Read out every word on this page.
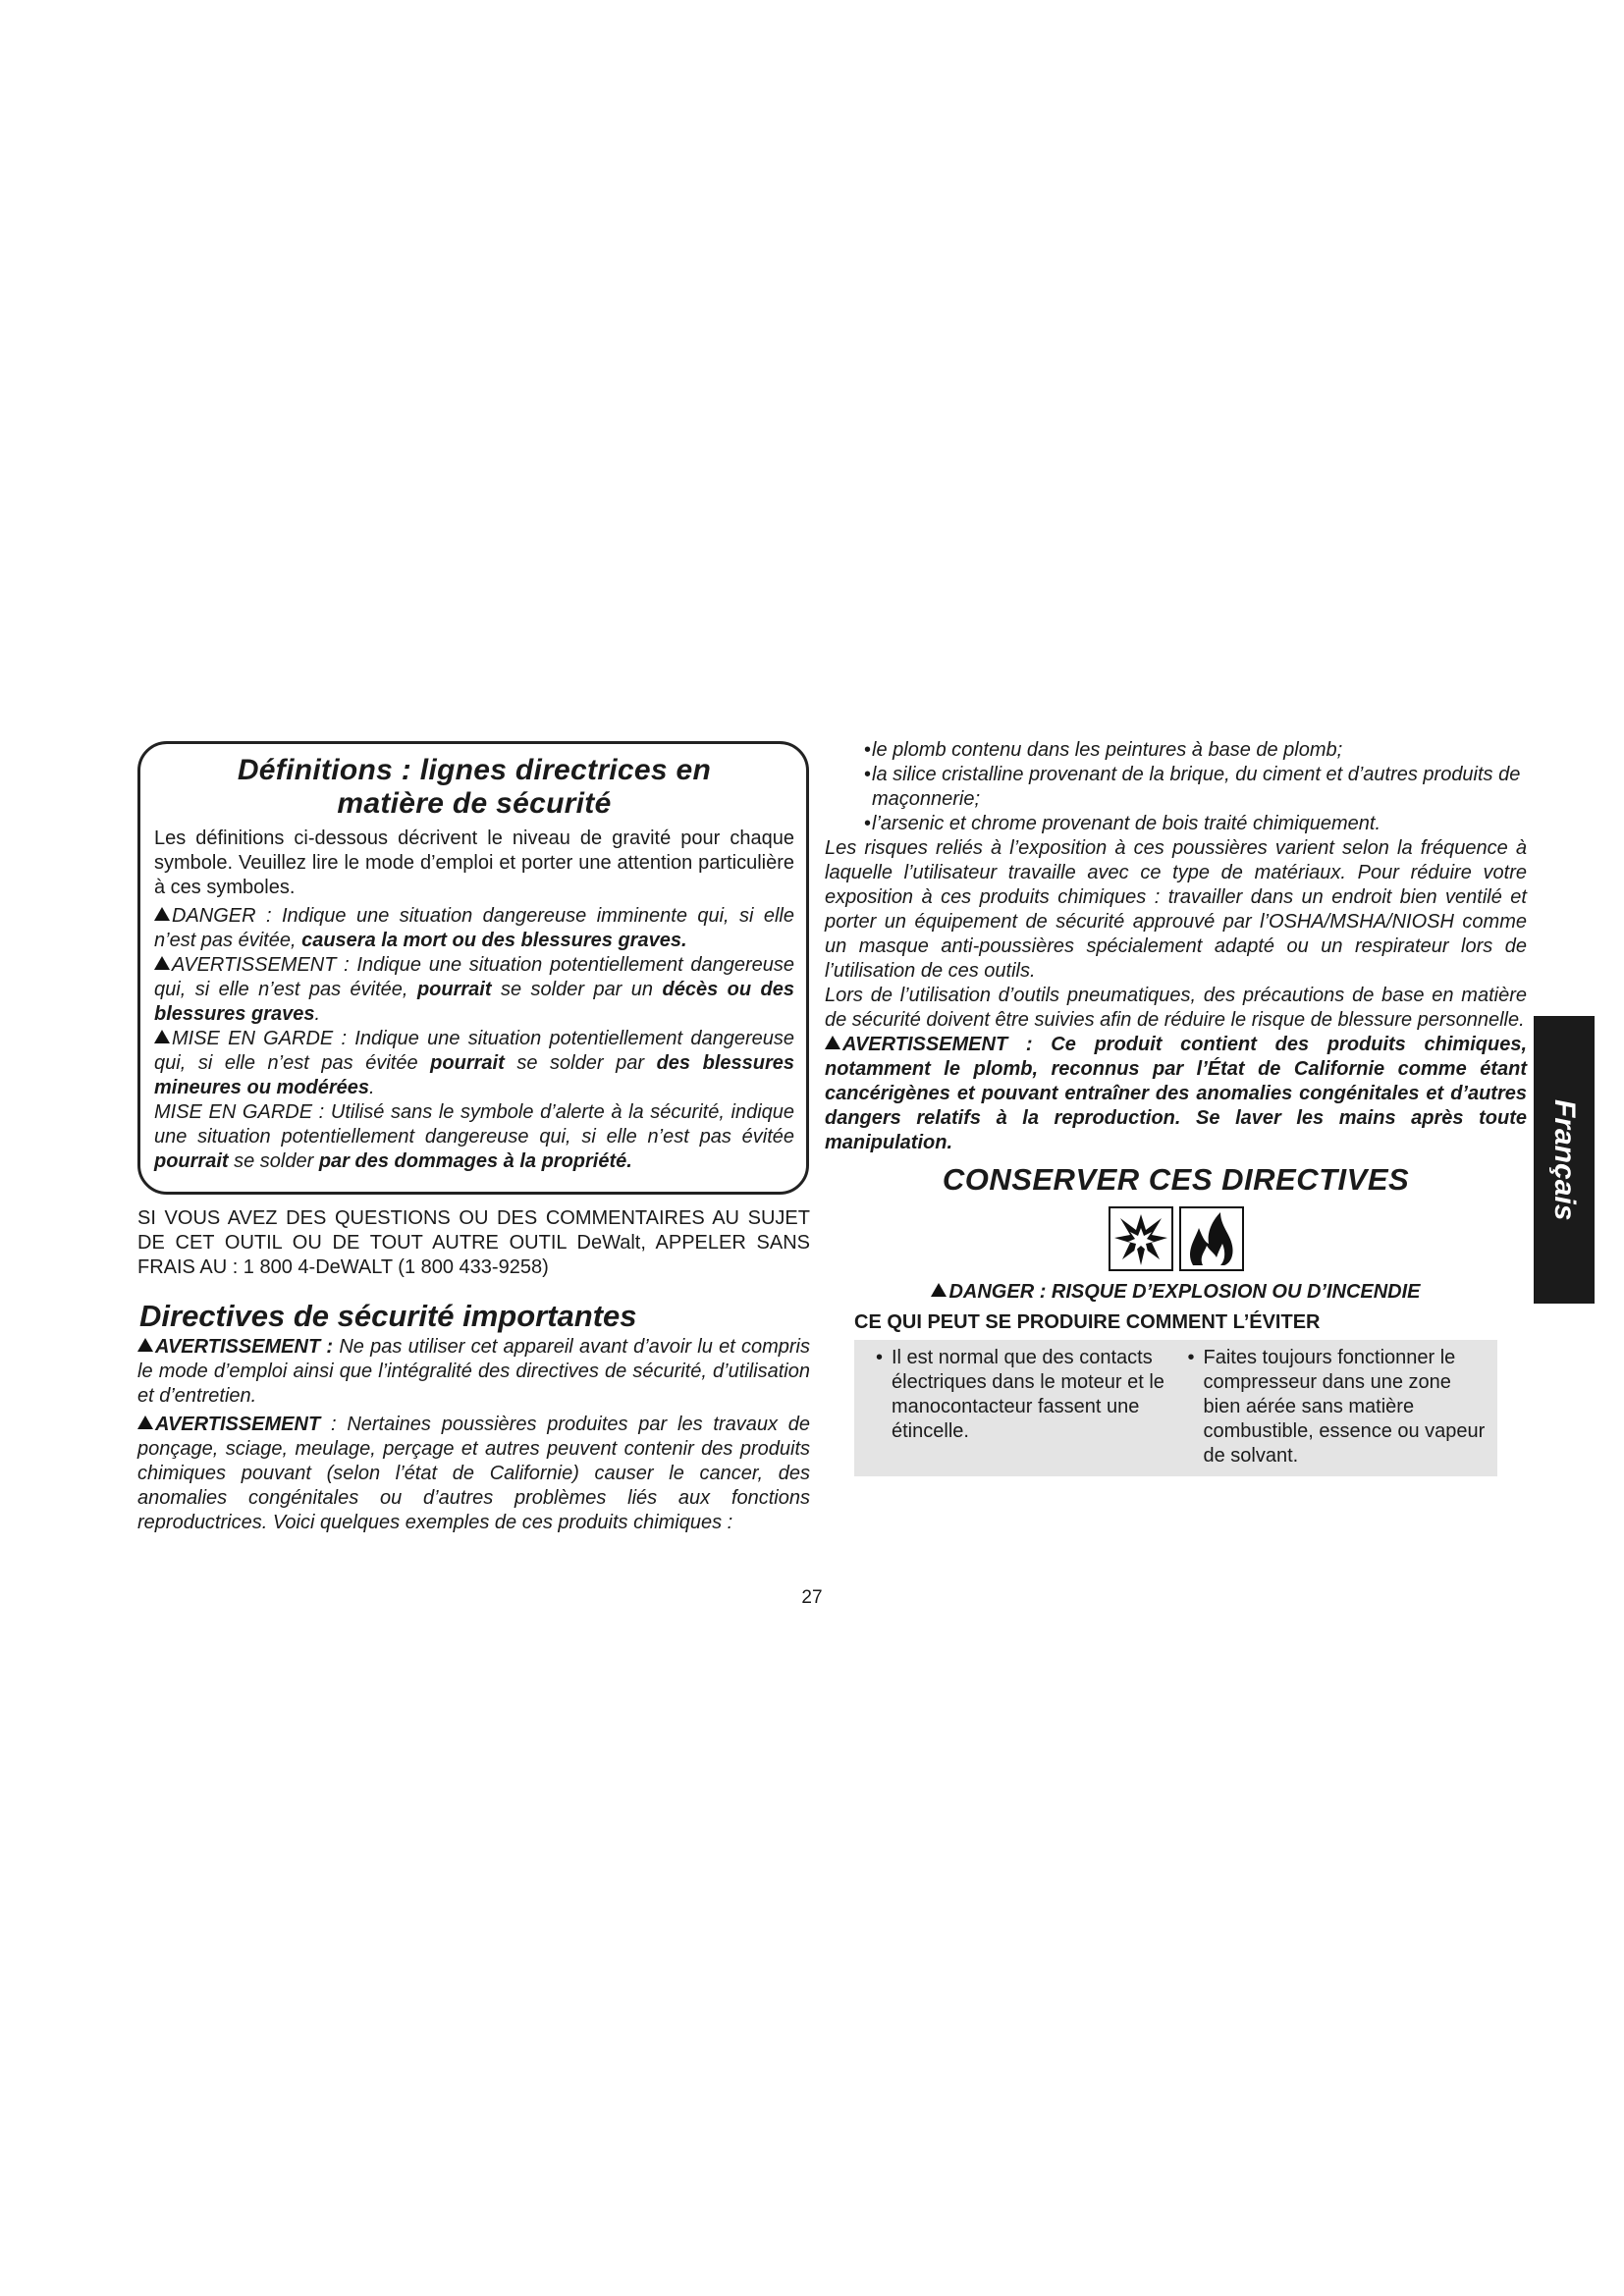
Définitions : lignes directrices en
matière de sécurité

Les définitions ci-dessous décrivent le niveau de gravité pour chaque symbole. Veuillez lire le mode d’emploi et porter une attention particulière à ces symboles.

DANGER : Indique une situation dangereuse imminente qui, si elle n’est pas évitée, causera la mort ou des blessures graves.

AVERTISSEMENT : Indique une situation potentiellement dangereuse qui, si elle n’est pas évitée, pourrait se solder par un décès ou des blessures graves.

MISE EN GARDE : Indique une situation potentiellement dangereuse qui, si elle n’est pas évitée pourrait se solder par des blessures mineures ou modérées.

MISE EN GARDE : Utilisé sans le symbole d’alerte à la sécurité, indique une situation potentiellement dangereuse qui, si elle n’est pas évitée pourrait se solder par des dommages à la propriété.

SI VOUS AVEZ DES QUESTIONS OU DES COMMENTAIRES AU SUJET DE CET OUTIL OU DE TOUT AUTRE OUTIL DeWalt, APPELER SANS FRAIS AU : 1 800 4-DeWALT (1 800 433-9258)

Directives de sécurité importantes

AVERTISSEMENT : Ne pas utiliser cet appareil avant d’avoir lu et compris le mode d’emploi ainsi que l’intégralité des directives de sécurité, d’utilisation et d’entretien.

AVERTISSEMENT : Nertaines poussières produites par les travaux de ponçage, sciage, meulage, perçage et autres peuvent contenir des produits chimiques pouvant (selon l’état de Californie) causer le cancer, des anomalies congénitales ou d’autres problèmes liés aux fonctions reproductrices. Voici quelques exemples de ces produits chimiques :

• le plomb contenu dans les peintures à base de plomb;
• la silice cristalline provenant de la brique, du ciment et d’autres produits de maçonnerie;
• l’arsenic et chrome provenant de bois traité chimiquement.

Les risques reliés à l’exposition à ces poussières varient selon la fréquence à laquelle l’utilisateur travaille avec ce type de matériaux. Pour réduire votre exposition à ces produits chimiques : travailler dans un endroit bien ventilé et porter un équipement de sécurité approuvé par l’OSHA/MSHA/NIOSH comme un masque anti-poussières spécialement adapté ou un respirateur lors de l’utilisation de ces outils.

Lors de l’utilisation d’outils pneumatiques, des précautions de base en matière de sécurité doivent être suivies afin de réduire le risque de blessure personnelle.

AVERTISSEMENT : Ce produit contient des produits chimiques, notamment le plomb, reconnus par l’État de Californie comme étant cancérigènes et pouvant entraîner des anomalies congénitales et d’autres dangers relatifs à la reproduction. Se laver les mains après toute manipulation.

CONSERVER CES DIRECTIVES
DANGER : RISQUE D’EXPLOSION OU D’INCENDIE
CE QUI PEUT SE PRODUIRE COMMENT L’ÉVITER
• Il est normal que des contacts électriques dans le moteur et le manocontacteur fassent une étincelle.
• Faites toujours fonctionner le compresseur dans une zone bien aérée sans matière combustible, essence ou vapeur de solvant.
Français
27
